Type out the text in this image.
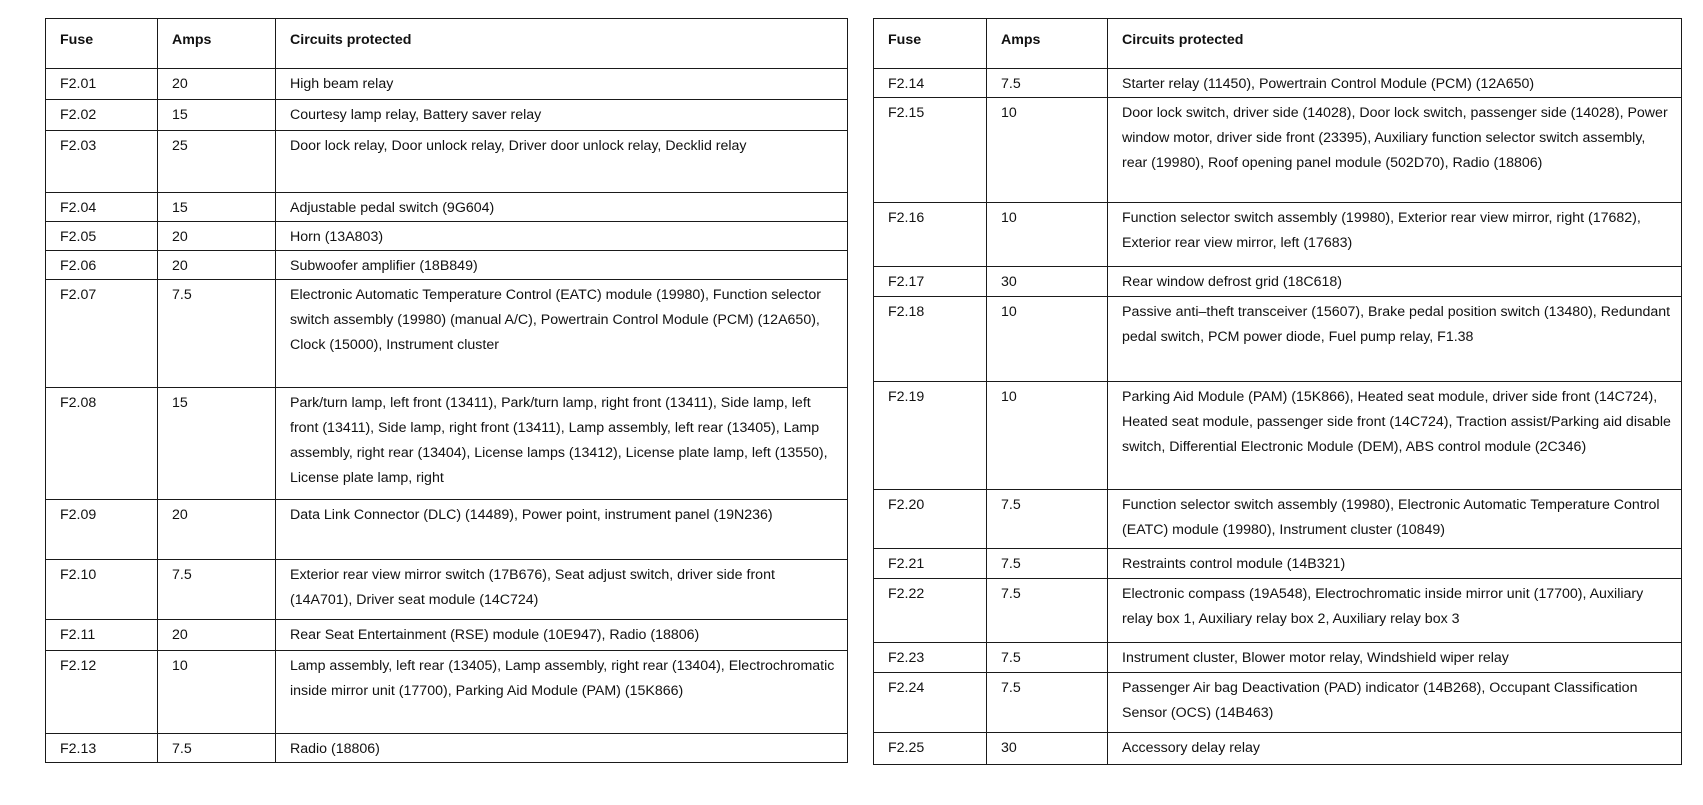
Fuse	Amps	Circuits protected
F2.01	20	High beam relay
F2.02	15	Courtesy lamp relay, Battery saver relay
F2.03	25	Door lock relay, Door unlock relay, Driver door unlock relay, Decklid relay
F2.04	15	Adjustable pedal switch (9G604)
F2.05	20	Horn (13A803)
F2.06	20	Subwoofer amplifier (18B849)
F2.07	7.5	Electronic Automatic Temperature Control (EATC) module (19980), Function selector switch assembly (19980) (manual A/C), Powertrain Control Module (PCM) (12A650), Clock (15000), Instrument cluster
F2.08	15	Park/turn lamp, left front (13411), Park/turn lamp, right front (13411), Side lamp, left front (13411), Side lamp, right front (13411), Lamp assembly, left rear (13405), Lamp assembly, right rear (13404), License lamps (13412), License plate lamp, left (13550), License plate lamp, right
F2.09	20	Data Link Connector (DLC) (14489), Power point, instrument panel (19N236)
F2.10	7.5	Exterior rear view mirror switch (17B676), Seat adjust switch, driver side front (14A701), Driver seat module (14C724)
F2.11	20	Rear Seat Entertainment (RSE) module (10E947), Radio (18806)
F2.12	10	Lamp assembly, left rear (13405), Lamp assembly, right rear (13404), Electrochromatic inside mirror unit (17700), Parking Aid Module (PAM) (15K866)
F2.13	7.5	Radio (18806)
Fuse	Amps	Circuits protected
F2.14	7.5	Starter relay (11450), Powertrain Control Module (PCM) (12A650)
F2.15	10	Door lock switch, driver side (14028), Door lock switch, passenger side (14028), Power window motor, driver side front (23395), Auxiliary function selector switch assembly, rear (19980), Roof opening panel module (502D70), Radio (18806)
F2.16	10	Function selector switch assembly (19980), Exterior rear view mirror, right (17682), Exterior rear view mirror, left (17683)
F2.17	30	Rear window defrost grid (18C618)
F2.18	10	Passive anti–theft transceiver (15607), Brake pedal position switch (13480), Redundant pedal switch, PCM power diode, Fuel pump relay, F1.38
F2.19	10	Parking Aid Module (PAM) (15K866), Heated seat module, driver side front (14C724), Heated seat module, passenger side front (14C724), Traction assist/Parking aid disable switch, Differential Electronic Module (DEM), ABS control module (2C346)
F2.20	7.5	Function selector switch assembly (19980), Electronic Automatic Temperature Control (EATC) module (19980), Instrument cluster (10849)
F2.21	7.5	Restraints control module (14B321)
F2.22	7.5	Electronic compass (19A548), Electrochromatic inside mirror unit (17700), Auxiliary relay box 1, Auxiliary relay box 2, Auxiliary relay box 3
F2.23	7.5	Instrument cluster, Blower motor relay, Windshield wiper relay
F2.24	7.5	Passenger Air bag Deactivation (PAD) indicator (14B268), Occupant Classification Sensor (OCS) (14B463)
F2.25	30	Accessory delay relay
